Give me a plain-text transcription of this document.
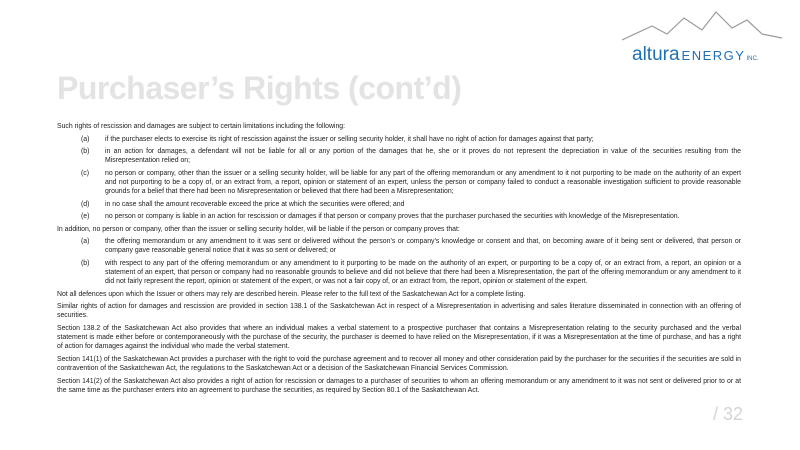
altura ENERGYINC.
Purchaser’s Rights (cont’d)

Such rights of rescission and damages are subject to certain limitations including the following:

(a)	if the purchaser elects to exercise its right of rescission against the issuer or selling security holder, it shall have no right of action for damages against that party;
(b)	in an action for damages, a defendant will not be liable for all or any portion of the damages that he, she or it proves do not represent the depreciation in value of the securities resulting from the Misrepresentation relied on;
(c)	no person or company, other than the issuer or a selling security holder, will be liable for any part of the offering memorandum or any amendment to it not purporting to be made on the authority of an expert and not purporting to be a copy of, or an extract from, a report, opinion or statement of an expert, unless the person or company failed to conduct a reasonable investigation sufficient to provide reasonable grounds for a belief that there had been no Misrepresentation or believed that there had been a Misrepresentation;
(d)	in no case shall the amount recoverable exceed the price at which the securities were offered; and
(e)	no person or company is liable in an action for rescission or damages if that person or company proves that the purchaser purchased the securities with knowledge of the Misrepresentation.

In addition, no person or company, other than the issuer or selling security holder, will be liable if the person or company proves that:

(a)	the offering memorandum or any amendment to it was sent or delivered without the person’s or company’s knowledge or consent and that, on becoming aware of it being sent or delivered, that person or company gave reasonable general notice that it was so sent or delivered; or
(b)	with respect to any part of the offering memorandum or any amendment to it purporting to be made on the authority of an expert, or purporting to be a copy of, or an extract from, a report, an opinion or a statement of an expert, that person or company had no reasonable grounds to believe and did not believe that there had been a Misrepresentation, the part of the offering memorandum or any amendment to it did not fairly represent the report, opinion or statement of the expert, or was not a fair copy of, or an extract from, the report, opinion or statement of the expert.

Not all defences upon which the Issuer or others may rely are described herein. Please refer to the full text of the Saskatchewan Act for a complete listing.

Similar rights of action for damages and rescission are provided in section 138.1 of the Saskatchewan Act in respect of a Misrepresentation in advertising and sales literature disseminated in connection with an offering of securities.

Section 138.2 of the Saskatchewan Act also provides that where an individual makes a verbal statement to a prospective purchaser that contains a Misrepresentation relating to the security purchased and the verbal statement is made either before or contemporaneously with the purchase of the security, the purchaser is deemed to have relied on the Misrepresentation, if it was a Misrepresentation at the time of purchase, and has a right of action for damages against the individual who made the verbal statement.

Section 141(1) of the Saskatchewan Act provides a purchaser with the right to void the purchase agreement and to recover all money and other consideration paid by the purchaser for the securities if the securities are sold in contravention of the Saskatchewan Act, the regulations to the Saskatchewan Act or a decision of the Saskatchewan Financial Services Commission.

Section 141(2) of the Saskatchewan Act also provides a right of action for rescission or damages to a purchaser of securities to whom an offering memorandum or any amendment to it was not sent or delivered prior to or at the same time as the purchaser enters into an agreement to purchase the securities, as required by Section 80.1 of the Saskatchewan Act.

/ 32
